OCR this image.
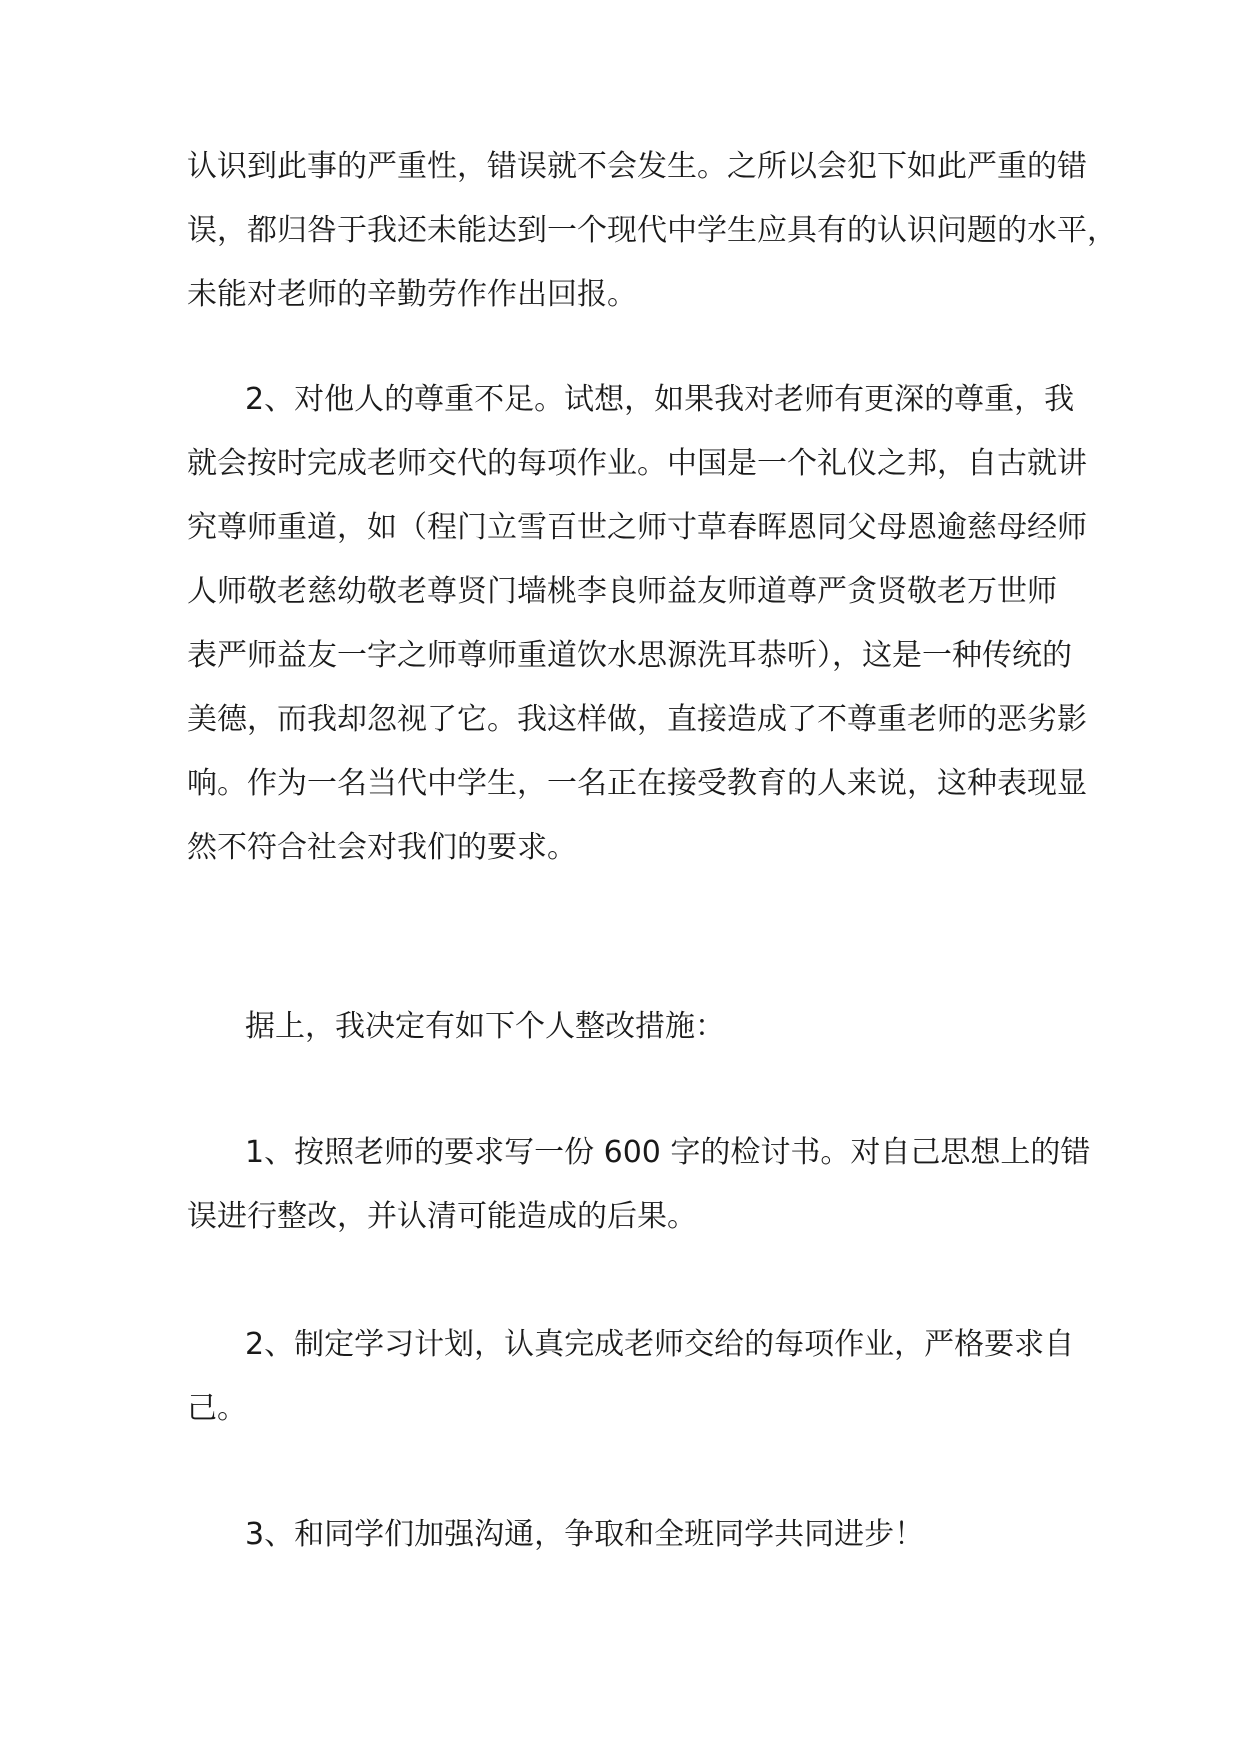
认识到此事的严重性，错误就不会发生。之所以会犯下如此严重的错
误，都归咎于我还未能达到一个现代中学生应具有的认识问题的水平，
未能对老师的辛勤劳作作出回报。
2、对他人的尊重不足。试想，如果我对老师有更深的尊重，我
就会按时完成老师交代的每项作业。中国是一个礼仪之邦，自古就讲
究尊师重道，如（程门立雪百世之师寸草春晖恩同父母恩逾慈母经师
人师敬老慈幼敬老尊贤门墙桃李良师益友师道尊严贪贤敬老万世师
表严师益友一字之师尊师重道饮水思源洗耳恭听），这是一种传统的
美德，而我却忽视了它。我这样做，直接造成了不尊重老师的恶劣影
响。作为一名当代中学生，一名正在接受教育的人来说，这种表现显
然不符合社会对我们的要求。
据上，我决定有如下个人整改措施：
1、按照老师的要求写一份 600 字的检讨书。对自己思想上的错
误进行整改，并认清可能造成的后果。
2、制定学习计划，认真完成老师交给的每项作业，严格要求自
己。
3、和同学们加强沟通，争取和全班同学共同进步！
